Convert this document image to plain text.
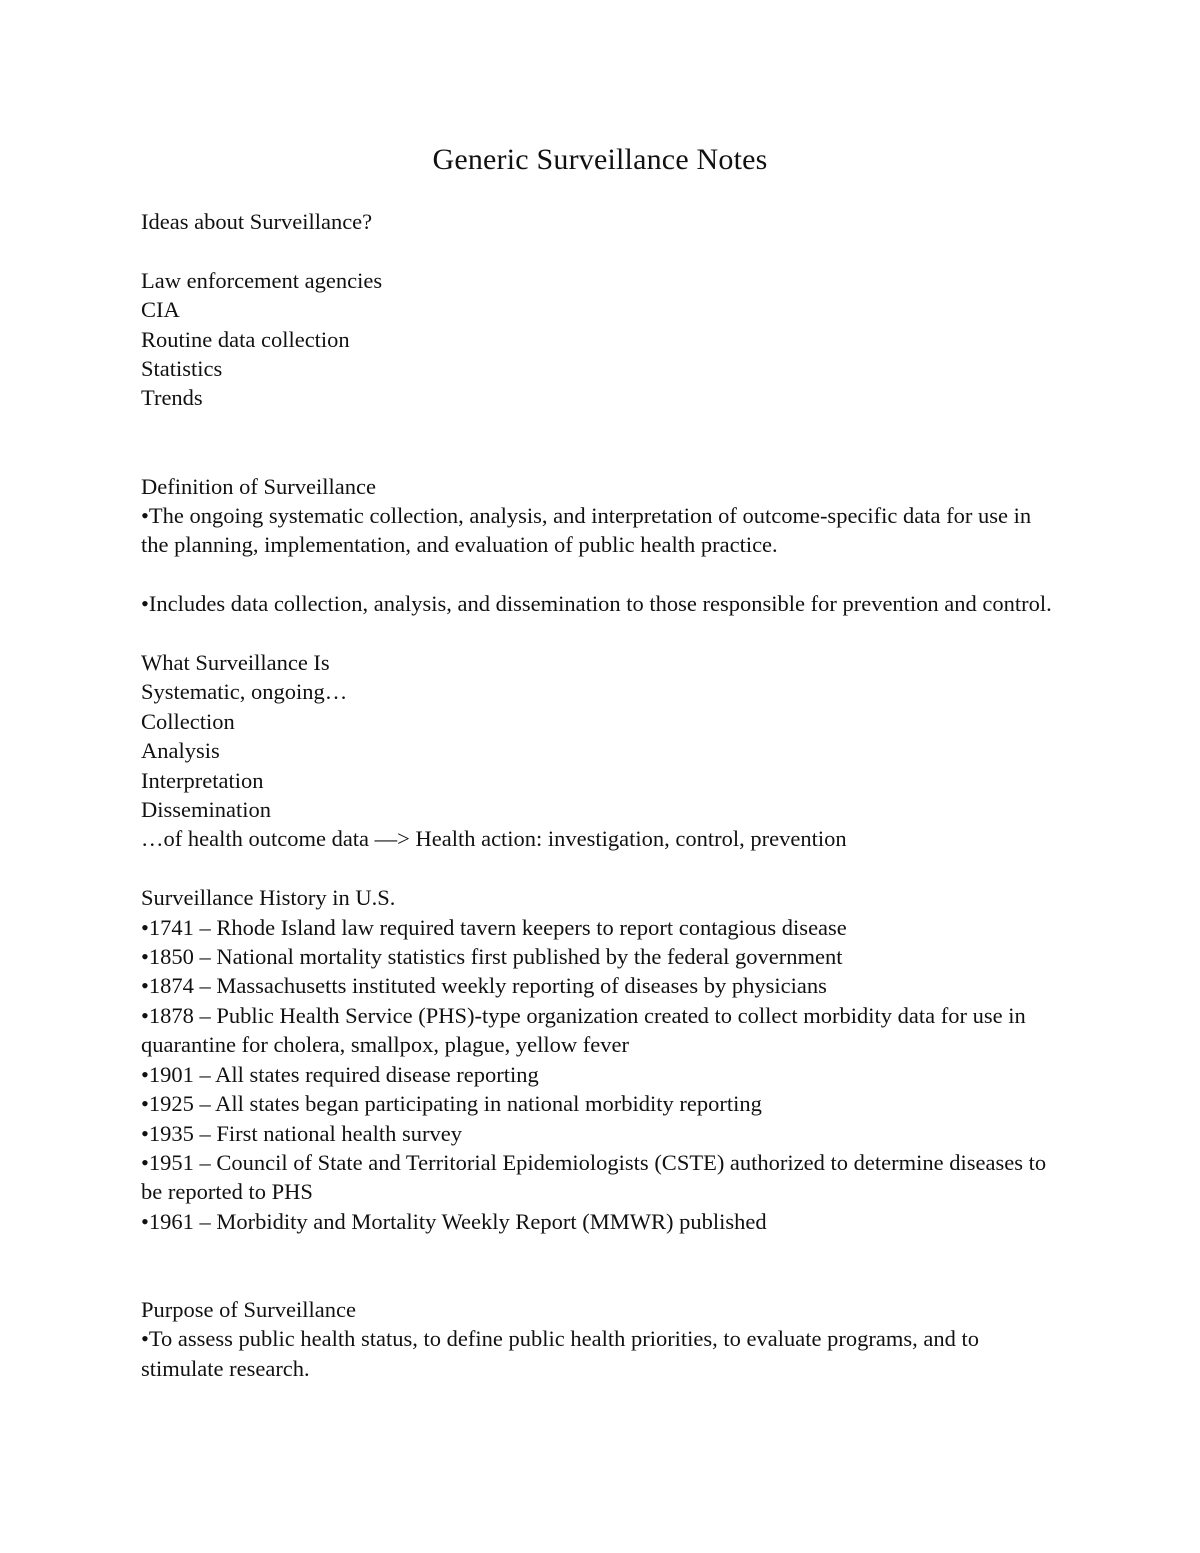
Generic Surveillance Notes
Ideas about Surveillance?
Law enforcement agencies
CIA
Routine data collection
Statistics
Trends
Definition of Surveillance
•The ongoing systematic collection, analysis, and interpretation of outcome-specific data for use in the planning, implementation, and evaluation of public health practice.
•Includes data collection, analysis, and dissemination to those responsible for prevention and control.
What Surveillance Is
Systematic, ongoing…
Collection
Analysis
Interpretation
Dissemination
…of health outcome data —> Health action: investigation, control, prevention
Surveillance History in U.S.
•1741 – Rhode Island law required tavern keepers to report contagious disease
•1850 – National mortality statistics first published by the federal government
•1874 – Massachusetts instituted weekly reporting of diseases by physicians
•1878 – Public Health Service (PHS)-type organization created to collect morbidity data for use in quarantine for cholera, smallpox, plague, yellow fever
•1901 – All states required disease reporting
•1925 – All states began participating in national morbidity reporting
•1935 – First national health survey
•1951 – Council of State and Territorial Epidemiologists (CSTE) authorized to determine diseases to be reported to PHS
•1961 – Morbidity and Mortality Weekly Report (MMWR) published
Purpose of Surveillance
•To assess public health status, to define public health priorities, to evaluate programs, and to stimulate research.
